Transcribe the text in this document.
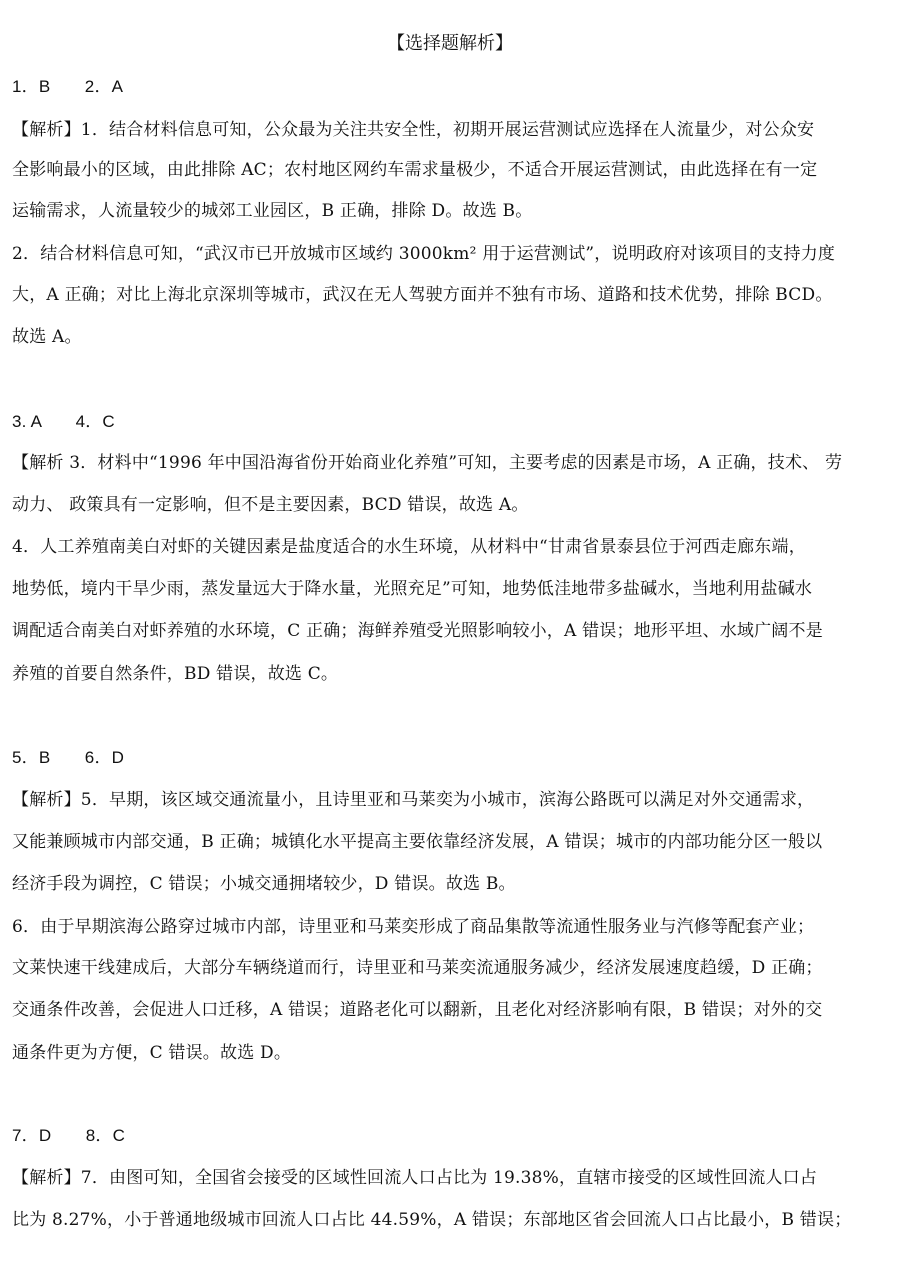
【选择题解析】
1．B　　2．A
【解析】1．结合材料信息可知，公众最为关注共安全性，初期开展运营测试应选择在人流量少，对公众安
全影响最小的区域，由此排除 AC；农村地区网约车需求量极少，不适合开展运营测试，由此选择在有一定
运输需求，人流量较少的城郊工业园区，B 正确，排除 D。故选 B。
2．结合材料信息可知，“武汉市已开放城市区域约 3000km² 用于运营测试”，说明政府对该项目的支持力度
大，A 正确；对比上海北京深圳等城市，武汉在无人驾驶方面并不独有市场、道路和技术优势，排除 BCD。
故选 A。
3. A　　4．C
【解析 3．材料中“1996 年中国沿海省份开始商业化养殖”可知，主要考虑的因素是市场，A 正确，技术、 劳
动力、 政策具有一定影响，但不是主要因素，BCD 错误，故选 A。
4．人工养殖南美白对虾的关键因素是盐度适合的水生环境，从材料中“甘肃省景泰县位于河西走廊东端，
地势低，境内干旱少雨，蒸发量远大于降水量，光照充足”可知，地势低洼地带多盐碱水，当地利用盐碱水
调配适合南美白对虾养殖的水环境，C 正确；海鲜养殖受光照影响较小，A 错误；地形平坦、水域广阔不是
养殖的首要自然条件，BD 错误，故选 C。
5．B　　6．D
【解析】5．早期，该区域交通流量小，且诗里亚和马莱奕为小城市，滨海公路既可以满足对外交通需求，
又能兼顾城市内部交通，B 正确；城镇化水平提高主要依靠经济发展，A 错误；城市的内部功能分区一般以
经济手段为调控，C 错误；小城交通拥堵较少，D 错误。故选 B。
6．由于早期滨海公路穿过城市内部，诗里亚和马莱奕形成了商品集散等流通性服务业与汽修等配套产业；
文莱快速干线建成后，大部分车辆绕道而行，诗里亚和马莱奕流通服务减少，经济发展速度趋缓，D 正确；
交通条件改善，会促进人口迁移，A 错误；道路老化可以翻新，且老化对经济影响有限，B 错误；对外的交
通条件更为方便，C 错误。故选 D。
7．D　　8．C
【解析】7．由图可知，全国省会接受的区域性回流人口占比为 19.38%，直辖市接受的区域性回流人口占
比为 8.27%，小于普通地级城市回流人口占比 44.59%，A 错误；东部地区省会回流人口占比最小，B 错误；
